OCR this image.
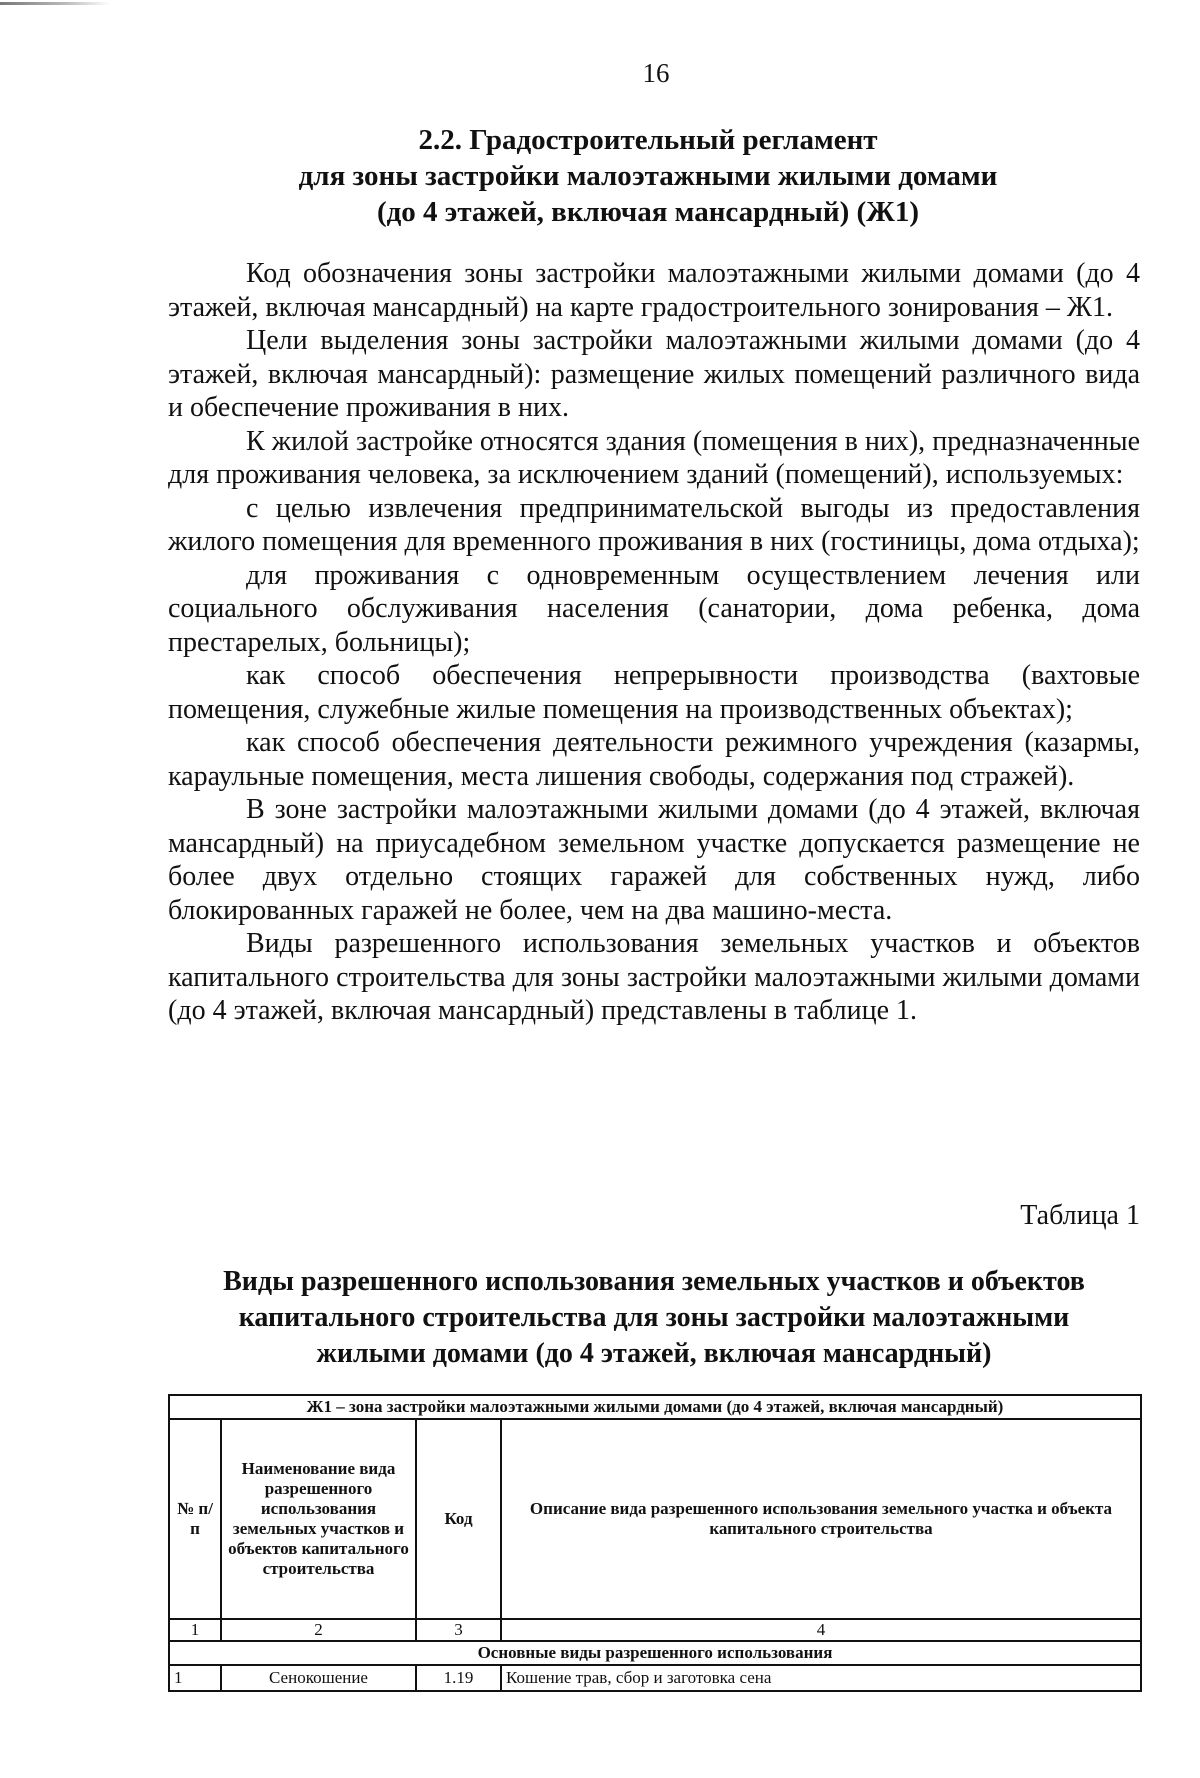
16
2.2. Градостроительный регламент
для зоны застройки малоэтажными жилыми домами
(до 4 этажей, включая мансардный) (Ж1)

Код обозначения зоны застройки малоэтажными жилыми домами (до 4 этажей, включая мансардный) на карте градостроительного зонирования – Ж1.

Цели выделения зоны застройки малоэтажными жилыми домами (до 4 этажей, включая мансардный): размещение жилых помещений различного вида и обеспечение проживания в них.

К жилой застройке относятся здания (помещения в них), предназначенные для проживания человека, за исключением зданий (помещений), используемых:

с целью извлечения предпринимательской выгоды из предоставления жилого помещения для временного проживания в них (гостиницы, дома отдыха);

для проживания с одновременным осуществлением лечения или социального обслуживания населения (санатории, дома ребенка, дома престарелых, больницы);

как способ обеспечения непрерывности производства (вахтовые помещения, служебные жилые помещения на производственных объектах);

как способ обеспечения деятельности режимного учреждения (казармы, караульные помещения, места лишения свободы, содержания под стражей).

В зоне застройки малоэтажными жилыми домами (до 4 этажей, включая мансардный) на приусадебном земельном участке допускается размещение не более двух отдельно стоящих гаражей для собственных нужд, либо блокированных гаражей не более, чем на два машино-места.

Виды разрешенного использования земельных участков и объектов капитального строительства для зоны застройки малоэтажными жилыми домами (до 4 этажей, включая мансардный) представлены в таблице 1.

Таблица 1
Виды разрешенного использования земельных участков и объектов
капитального строительства для зоны застройки малоэтажными
жилыми домами (до 4 этажей, включая мансардный)
Ж1 – зона застройки малоэтажными жилыми домами (до 4 этажей, включая мансардный)			
№ п/п	Наименование вида разрешенного использования земельных участков и объектов капитального строительства	Код	Описание вида разрешенного использования земельного участка и объекта капитального строительства
1	2	3	4
Основные виды разрешенного использования			
1	Сенокошение	1.19	Кошение трав, сбор и заготовка сена
